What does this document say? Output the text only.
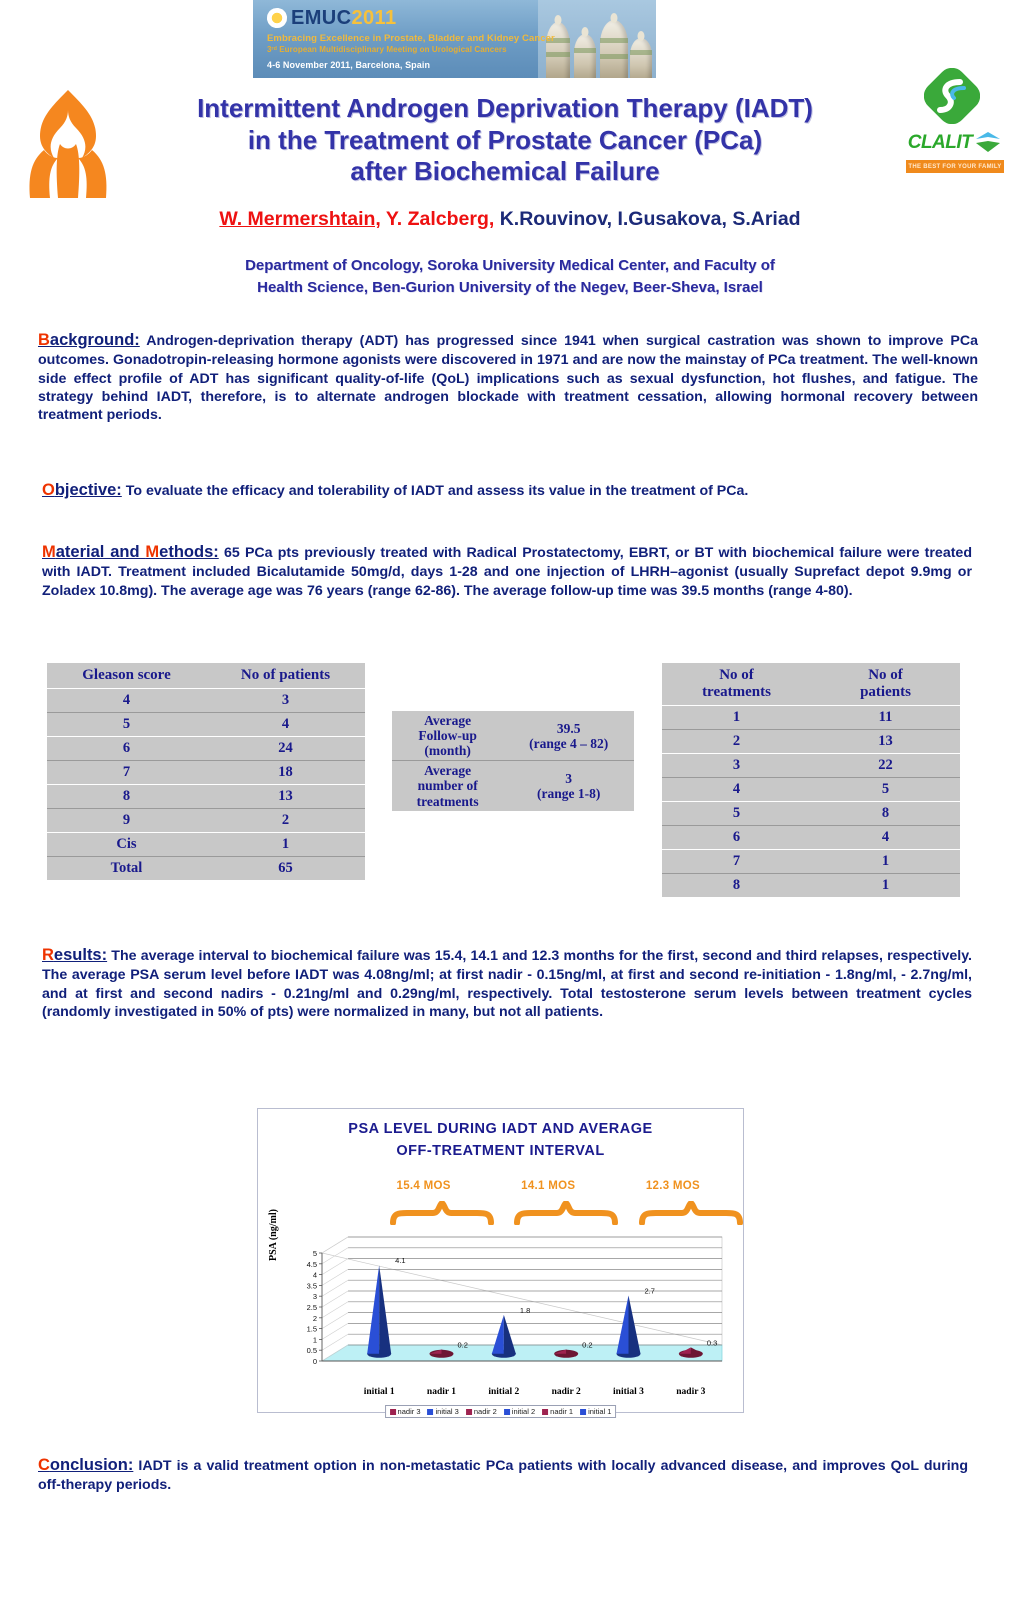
EMUC2011
Embracing Excellence in Prostate, Bladder and Kidney Cancer
3ʳᵈ European Multidisciplinary Meeting on Urological Cancers
4-6 November 2011, Barcelona, Spain
CLALIT
THE BEST FOR YOUR FAMILY
Intermittent Androgen Deprivation Therapy (IADT)
in the Treatment of Prostate Cancer (PCa)
after Biochemical Failure
W. Mermershtain, Y. Zalcberg, K.Rouvinov, I.Gusakova, S.Ariad
Department of Oncology, Soroka University Medical Center, and Faculty of
Health Science, Ben-Gurion University of the Negev, Beer-Sheva, Israel
Background: Androgen-deprivation therapy (ADT) has progressed since 1941 when surgical castration was shown to improve PCa outcomes. Gonadotropin-releasing hormone agonists were discovered in 1971 and are now the mainstay of PCa treatment. The well-known side effect profile of ADT has significant quality-of-life (QoL) implications such as sexual dysfunction, hot flushes, and fatigue. The strategy behind IADT, therefore, is to alternate androgen blockade with treatment cessation, allowing hormonal recovery between treatment periods.
Objective: To evaluate the efficacy and tolerability of IADT and assess its value in the treatment of PCa.
Material and Methods: 65 PCa pts previously treated with Radical Prostatectomy, EBRT, or BT with biochemical failure were treated with IADT. Treatment included Bicalutamide 50mg/d, days 1-28 and one injection of LHRH–agonist (usually Suprefact depot 9.9mg or Zoladex 10.8mg). The average age was 76 years (range 62-86). The average follow-up time was 39.5 months (range 4-80).
Results: The average interval to biochemical failure was 15.4, 14.1 and 12.3 months for the first, second and third relapses, respectively. The average PSA serum level before IADT was 4.08ng/ml; at first nadir - 0.15ng/ml, at first and second re-initiation - 1.8ng/ml, - 2.7ng/ml, and at first and second nadirs - 0.21ng/ml and 0.29ng/ml, respectively. Total testosterone serum levels between treatment cycles (randomly investigated in 50% of pts) were normalized in many, but not all patients.
Conclusion: IADT is a valid treatment option in non-metastatic PCa patients with locally advanced disease, and improves QoL during off-therapy periods.
Gleason score	No of patients
4	3
5	4
6	24
7	18
8	13
9	2
Cis	1
Total	65
Average
Follow-up
(month)	39.5
(range 4 – 82)
Average
number of
treatments	3
(range 1-8)
No of
treatments	No of
patients
1	11
2	13
3	22
4	5
5	8
6	4
7	1
8	1
PSA LEVEL DURING IADT AND AVERAGE
OFF-TREATMENT INTERVAL
15.4 MOS	14.1 MOS	12.3 MOS
PSA (ng/ml)
0
0.5
1
1.5
2
2.5
3
3.5
4
4.5
5
4.1
0.2
1.8
0.2
2.7
0.3
initial 1	nadir 1	initial 2	nadir 2	initial 3	nadir 3
nadir 3 initial 3 nadir 2 initial 2 nadir 1 initial 1
